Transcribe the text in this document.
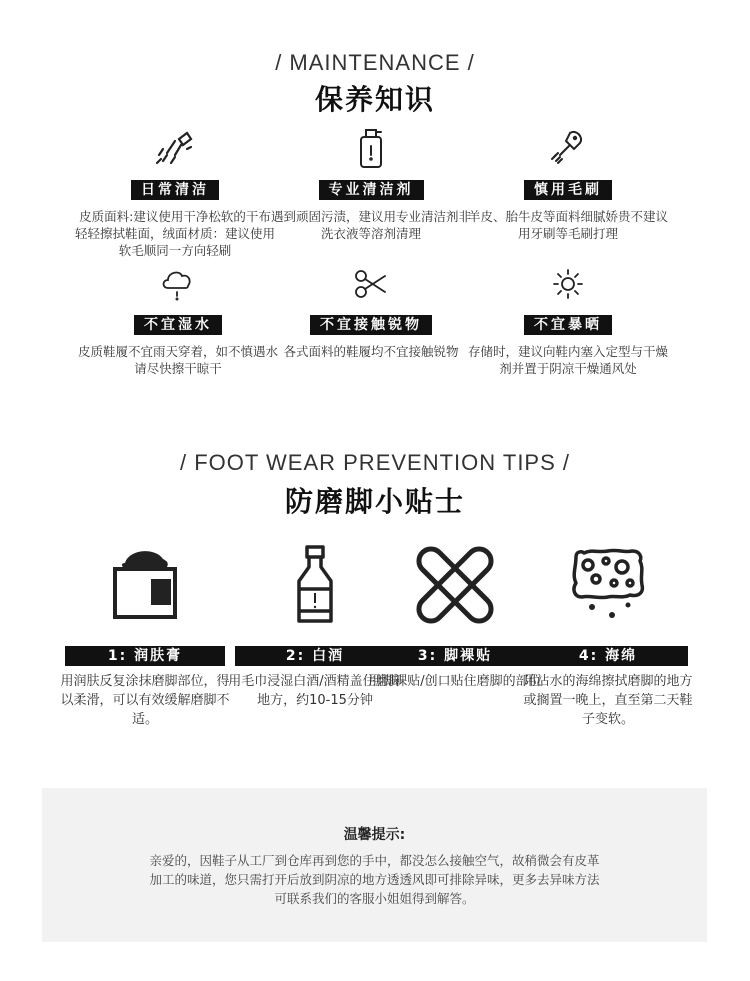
/ MAINTENANCE /
保养知识
日常清洁
皮质面料:建议使用干净松软的干布轻轻擦拭鞋面，绒面材质：建议使用软毛顺同一方向轻刷
专业清洁剂
遇到顽固污渍，建议用专业清洁剂非洗衣液等溶剂清理
慎用毛刷
羊皮、胎牛皮等面料细腻娇贵不建议用牙刷等毛刷打理
不宜湿水
皮质鞋履不宜雨天穿着，如不慎遇水请尽快擦干晾干
不宜接触锐物
各式面料的鞋履均不宜接触锐物
不宜暴晒
存储时，建议向鞋内塞入定型与干燥剂并置于阴凉干燥通风处
/ FOOT WEAR PREVENTION TIPS /
防磨脚小贴士
1: 润肤膏
用润肤反复涂抹磨脚部位，得以柔滑，可以有效缓解磨脚不适。
2: 白酒
用毛巾浸湿白酒/酒精盖住磨脚地方，约10-15分钟
3: 脚裸贴
用脚裸贴/创口贴住磨脚的部位
4: 海绵
用沾水的海绵擦拭磨脚的地方或搁置一晚上，直至第二天鞋子变软。
温馨提示:
亲爱的，因鞋子从工厂到仓库再到您的手中，都没怎么接触空气，故稍微会有皮革
加工的味道，您只需打开后放到阴凉的地方透透风即可排除异味，更多去异味方法
可联系我们的客服小姐姐得到解答。
